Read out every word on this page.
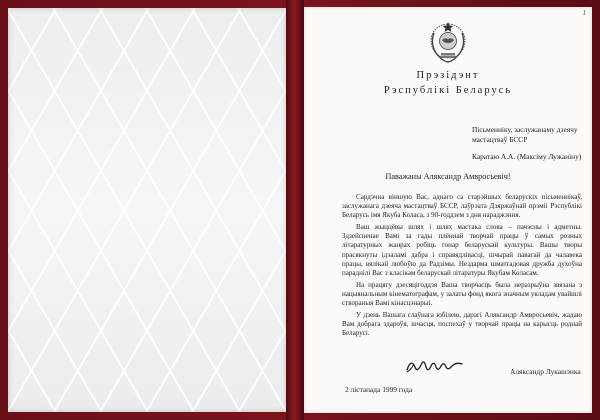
1
Прэзідэнт
Рэспублікі Беларусь
Пісьменніку, заслужанаму дзеячу
мастацтваў БССР
Каратаю А.А. (Максіму Лужаніну)
Паважаны Аляксандр Амвросьевіч!

Сардэчна віншую Вас, аднаго са старэйшых беларускіх пісьменнікаў, заслужанага дзеяча мастацтваў БССР, лаўрэата Дзяржаўнай прэміі Рэспублікі Беларусь імя Якуба Коласа, з 90-годдзем з дня нараджэння.

Ваш жыццёвы шлях і шлях мастака слова – пачэсны і адметны. Здзейсненае Вамі за гады плённай творчай працы ў самых розных літаратурных жанрах робіць гонар беларускай культуры. Вашы творы прасякнуты ідэаламі дабра і справядлівасці, шчырай павагай да чалавека працы, вялікай любоўю да Радзімы. Нездарма шматгадовая дружба духоўна параднілі Вас з класікам беларускай літаратуры Якубам Коласам.

На працягу дзесяцігоддзя Ваша творчасць была неразрыўна звязана з нацыянальным кінематографам, у залаты фонд якога значным укладам увайшлі створаныя Вамі кінасцэнарыі.

У дзень Вашага слаўнага юбілею, дарагі Аляксандр Амвросьевіч, жадаю Вам добрага здароўя, шчасця, поспехаў у творчай працы на карысць роднай Беларусі.

Аляксандр Лукашэнка
2 лістапада 1999 года
